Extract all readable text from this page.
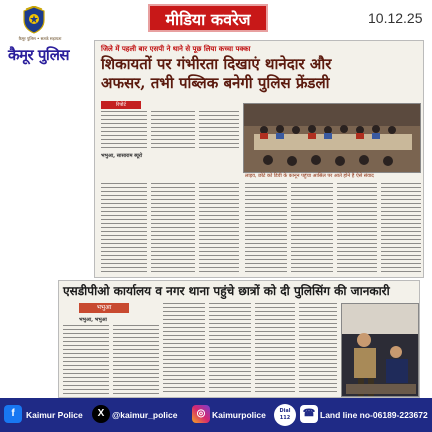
कैमूर पुलिस • सतर्क सहायता
मीडिया कवरेज	10.12.25
कैमूर पुलिस	जिले में पहली बार एसपी ने थाने से पूछ लिया कच्चा पक्का
शिकायतों पर गंभीरता दिखाएं थानेदार और
अफसर, तभी पब्लिक बनेगी पुलिस फ्रेंडली
रिपोर्ट
भभुआ, सासाराम ब्यूरो
लाइव, छोटे को डिवी के कानून पहुंचा आसिल पर आते होने है ऐसे संवाद
एसडीपीओ कार्यालय व नगर थाना पहुंचे छात्रों को दी पुलिसिंग की जानकारी
भभुआ
भभुआ, भभुआ
f	Kaimur Police	X @kaimur_police	◎ Kaimurpolice	Dial
112	☎ Land line no-06189-223672
